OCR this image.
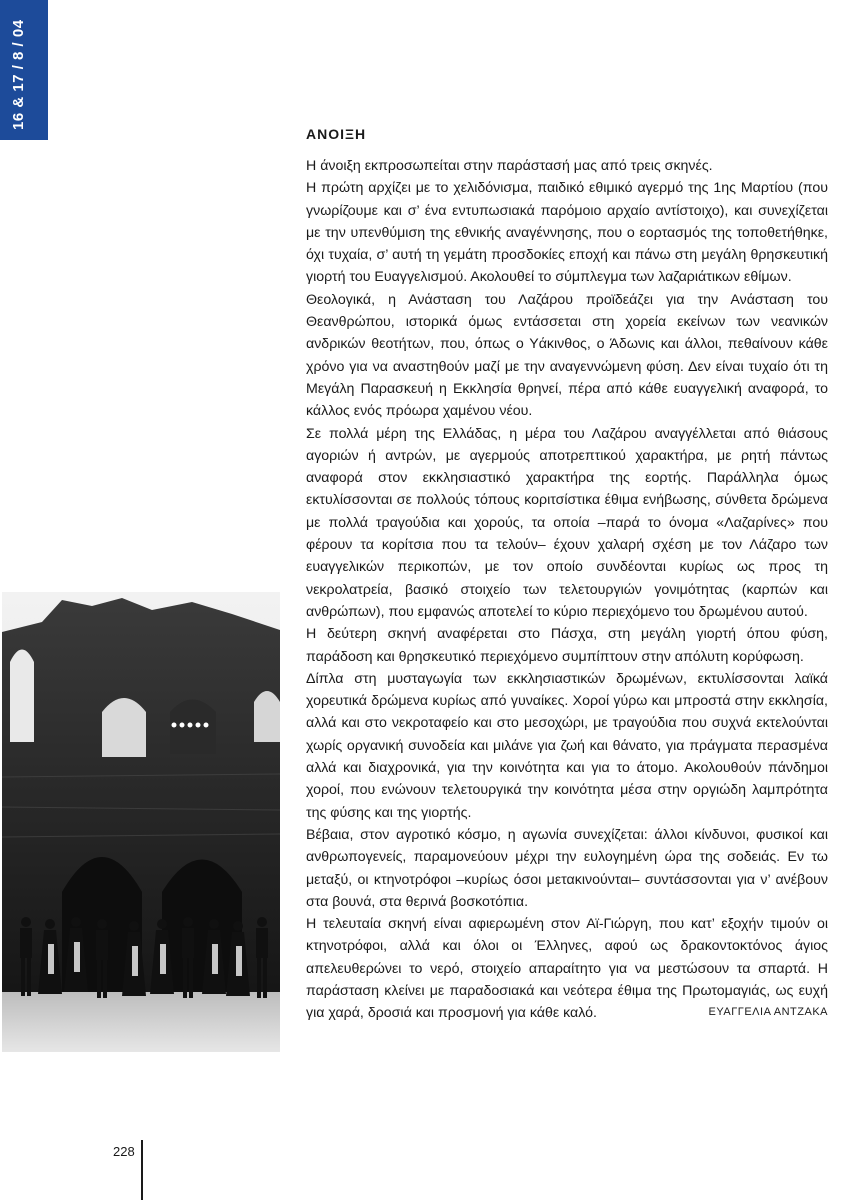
16 & 17 / 8 / 04
ΑΝΟΙΞΗ

Η άνοιξη εκπροσωπείται στην παράστασή μας από τρεις σκηνές.

Η πρώτη αρχίζει με το χελιδόνισμα, παιδικό εθιμικό αγερμό της 1ης Μαρτίου (που γνωρίζουμε και σ’ ένα εντυπωσιακά παρόμοιο αρχαίο αντίστοιχο), και συνεχίζεται με την υπενθύμιση της εθνικής αναγέννησης, που ο εορτασμός της τοποθετήθηκε, όχι τυχαία, σ’ αυτή τη γεμάτη προσδοκίες εποχή και πάνω στη μεγάλη θρησκευτική γιορτή του Ευαγγελισμού. Ακολουθεί το σύμπλεγμα των λαζαριάτικων εθίμων.

Θεολογικά, η Ανάσταση του Λαζάρου προϊδεάζει για την Ανάσταση του Θεανθρώπου, ιστορικά όμως εντάσσεται στη χορεία εκείνων των νεανικών ανδρικών θεοτήτων, που, όπως ο Υάκινθος, ο Άδωνις και άλλοι, πεθαίνουν κάθε χρόνο για να αναστηθούν μαζί με την αναγεννώμενη φύση. Δεν είναι τυχαίο ότι τη Μεγάλη Παρασκευή η Εκκλησία θρηνεί, πέρα από κάθε ευαγγελική αναφορά, το κάλλος ενός πρόωρα χαμένου νέου.

Σε πολλά μέρη της Ελλάδας, η μέρα του Λαζάρου αναγγέλλεται από θιάσους αγοριών ή αντρών, με αγερμούς αποτρεπτικού χαρακτήρα, με ρητή πάντως αναφορά στον εκκλησιαστικό χαρακτήρα της εορτής. Παράλληλα όμως εκτυλίσσονται σε πολλούς τόπους κοριτσίστικα έθιμα ενήβωσης, σύνθετα δρώμενα με πολλά τραγούδια και χορούς, τα οποία –παρά το όνομα «Λαζαρίνες» που φέρουν τα κορίτσια που τα τελούν– έχουν χαλαρή σχέση με τον Λάζαρο των ευαγγελικών περικοπών, με τον οποίο συνδέονται κυρίως ως προς τη νεκρολατρεία, βασικό στοιχείο των τελετουργιών γονιμότητας (καρπών και ανθρώπων), που εμφανώς αποτελεί το κύριο περιεχόμενο του δρωμένου αυτού.

Η δεύτερη σκηνή αναφέρεται στο Πάσχα, στη μεγάλη γιορτή όπου φύση, παράδοση και θρησκευτικό περιεχόμενο συμπίπτουν στην απόλυτη κορύφωση.

Δίπλα στη μυσταγωγία των εκκλησιαστικών δρωμένων, εκτυλίσσονται λαϊκά χορευτικά δρώμενα κυρίως από γυναίκες. Χοροί γύρω και μπροστά στην εκκλησία, αλλά και στο νεκροταφείο και στο μεσοχώρι, με τραγούδια που συχνά εκτελούνται χωρίς οργανική συνοδεία και μιλάνε για ζωή και θάνατο, για πράγματα περασμένα αλλά και διαχρονικά, για την κοινότητα και για το άτομο. Ακολουθούν πάνδημοι χοροί, που ενώνουν τελετουργικά την κοινότητα μέσα στην οργιώδη λαμπρότητα της φύσης και της γιορτής.

Βέβαια, στον αγροτικό κόσμο, η αγωνία συνεχίζεται: άλλοι κίνδυνοι, φυσικοί και ανθρωπογενείς, παραμονεύουν μέχρι την ευλογημένη ώρα της σοδειάς. Εν τω μεταξύ, οι κτηνοτρόφοι –κυρίως όσοι μετακινούνται– συντάσσονται για ν’ ανέβουν στα βουνά, στα θερινά βοσκοτόπια.

Η τελευταία σκηνή είναι αφιερωμένη στον Αϊ-Γιώργη, που κατ’ εξοχήν τιμούν οι κτηνοτρόφοι, αλλά και όλοι οι Έλληνες, αφού ως δρακοντοκτόνος άγιος απελευθερώνει το νερό, στοιχείο απαραίτητο για να μεστώσουν τα σπαρτά. Η παράσταση κλείνει με παραδοσιακά και νεότερα έθιμα της Πρωτομαγιάς, ως ευχή για χαρά, δροσιά και προσμονή για κάθε καλό.	ΕΥΑΓΓΕΛΙΑ ΑΝΤΖΑΚΑ
228
